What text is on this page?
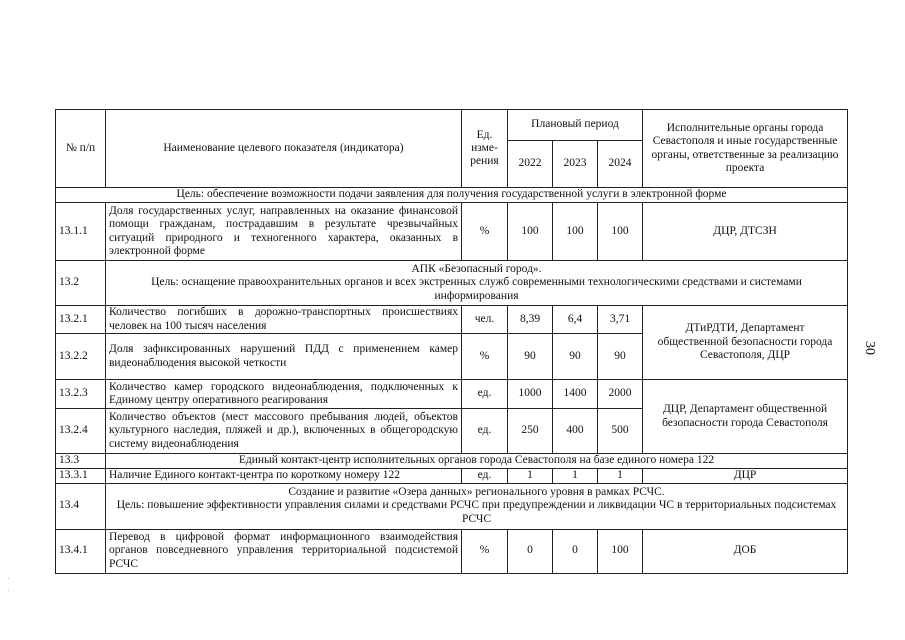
№ п/п	Наименование целевого показателя (индикатора)	Ед. изме-рения	Плановый период			Исполнительные органы города Севастополя и иные государственные органы, ответственные за реализацию проекта
			2022	2023	2024	
Цель: обеспечение возможности подачи заявления для получения государственной услуги в электронной форме						
13.1.1	Доля государственных услуг, направленных на оказание финансовой помощи гражданам, пострадавшим в результате чрезвычайных ситуаций природного и техногенного характера, оказанных в электронной форме	%	100	100	100	ДЦР, ДТСЗН
13.2	АПК «Безопасный город».
Цель: оснащение правоохранительных органов и всех экстренных служб современными технологическими средствами и системами информирования					

13.2.1	Количество погибших в дорожно-транспортных происшествиях человек на 100 тысяч населения	чел.	8,39	6,4	3,71	ДТиРДТИ, Департамент общественной безопасности города Севастополя, ДЦР
13.2.2	Доля зафиксированных нарушений ПДД с применением камер видеонаблюдения высокой четкости	%	90	90	90	
13.2.3	Количество камер городского видеонаблюдения, подключенных к Единому центру оперативного реагирования	ед.	1000	1400	2000	ДЦР, Департамент общественной безопасности города Севастополя
13.2.4	Количество объектов (мест массового пребывания людей, объектов культурного наследия, пляжей и др.), включенных в общегородскую систему видеонаблюдения	ед.	250	400	500	
13.3	Единый контакт-центр исполнительных органов города Севастополя на базе единого номера 122					
13.3.1	Наличие Единого контакт-центра по короткому номеру 122	ед.	1	1	1	ДЦР
13.4	Создание и развитие «Озера данных» регионального уровня в рамках РСЧС.
Цель: повышение эффективности управления силами и средствами РСЧС при предупреждении и ликвидации ЧС в территориальных подсистемах РСЧС					

13.4.1	Перевод в цифровой формат информационного взаимодействия органов повседневного управления территориальной подсистемой РСЧС	%	0	0	100	ДОБ
30
